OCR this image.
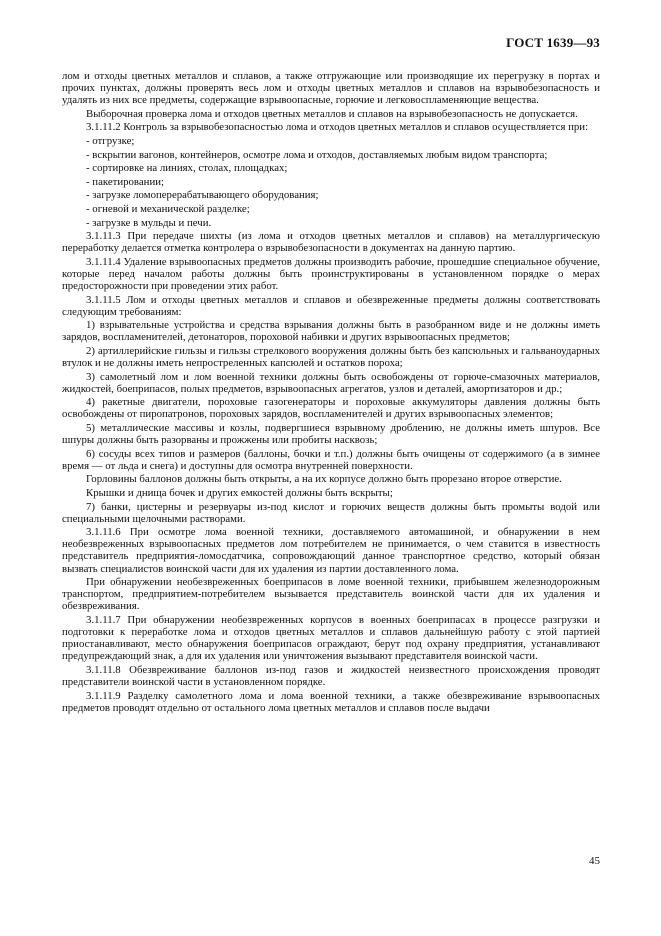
ГОСТ 1639—93

лом и отходы цветных металлов и сплавов, а также отгружающие или производящие их перегрузку в портах и прочих пунктах, должны проверять весь лом и отходы цветных металлов и сплавов на взрывобезопасность и удалять из них все предметы, содержащие взрывоопасные, горючие и легковоспламеняющие вещества.

Выборочная проверка лома и отходов цветных металлов и сплавов на взрывобезопасность не допускается.

3.1.11.2 Контроль за взрывобезопасностью лома и отходов цветных металлов и сплавов осуществляется при:

- отгрузке;

- вскрытии вагонов, контейнеров, осмотре лома и отходов, доставляемых любым видом транспорта;

- сортировке на линиях, столах, площадках;

- пакетировании;

- загрузке ломоперерабатывающего оборудования;

- огневой и механической разделке;

- загрузке в мульды и печи.

3.1.11.3 При передаче шихты (из лома и отходов цветных металлов и сплавов) на металлургическую переработку делается отметка контролера о взрывобезопасности в документах на данную партию.

3.1.11.4 Удаление взрывоопасных предметов должны производить рабочие, прошедшие специальное обучение, которые перед началом работы должны быть проинструктированы в установленном порядке о мерах предосторожности при проведении этих работ.

3.1.11.5 Лом и отходы цветных металлов и сплавов и обезвреженные предметы должны соответствовать следующим требованиям:

1) взрывательные устройства и средства взрывания должны быть в разобранном виде и не должны иметь зарядов, воспламенителей, детонаторов, пороховой набивки и других взрывоопасных предметов;

2) артиллерийские гильзы и гильзы стрелкового вооружения должны быть без капсюльных и гальваноударных втулок и не должны иметь непростреленных капсюлей и остатков пороха;

3) самолетный лом и лом военной техники должны быть освобождены от горюче-смазочных материалов, жидкостей, боеприпасов, полых предметов, взрывоопасных агрегатов, узлов и деталей, амортизаторов и др.;

4) ракетные двигатели, пороховые газогенераторы и пороховые аккумуляторы давления должны быть освобождены от пиропатронов, пороховых зарядов, воспламенителей и других взрывоопасных элементов;

5) металлические массивы и козлы, подвергшиеся взрывному дроблению, не должны иметь шпуров. Все шпуры должны быть разорваны и прожжены или пробиты насквозь;

6) сосуды всех типов и размеров (баллоны, бочки и т.п.) должны быть очищены от содержимого (а в зимнее время — от льда и снега) и доступны для осмотра внутренней поверхности.

Горловины баллонов должны быть открыты, а на их корпусе должно быть прорезано второе отверстие.

Крышки и днища бочек и других емкостей должны быть вскрыты;

7) банки, цистерны и резервуары из-под кислот и горючих веществ должны быть промыты водой или специальными щелочными растворами.

3.1.11.6 При осмотре лома военной техники, доставляемого автомашиной, и обнаружении в нем необезвреженных взрывоопасных предметов лом потребителем не принимается, о чем ставится в известность представитель предприятия-ломосдатчика, сопровождающий данное транспортное средство, который обязан вызвать специалистов воинской части для их удаления из партии доставленного лома.

При обнаружении необезвреженных боеприпасов в ломе военной техники, прибывшем железнодорожным транспортом, предприятием-потребителем вызывается представитель воинской части для их удаления и обезвреживания.

3.1.11.7 При обнаружении необезвреженных корпусов в военных боеприпасах в процессе разгрузки и подготовки к переработке лома и отходов цветных металлов и сплавов дальнейшую работу с этой партией приостанавливают, место обнаружения боеприпасов ограждают, берут под охрану предприятия, устанавливают предупреждающий знак, а для их удаления или уничтожения вызывают представителя воинской части.

3.1.11.8 Обезвреживание баллонов из-под газов и жидкостей неизвестного происхождения проводят представители воинской части в установленном порядке.

3.1.11.9 Разделку самолетного лома и лома военной техники, а также обезвреживание взрывоопасных предметов проводят отдельно от остального лома цветных металлов и сплавов после выдачи

45
